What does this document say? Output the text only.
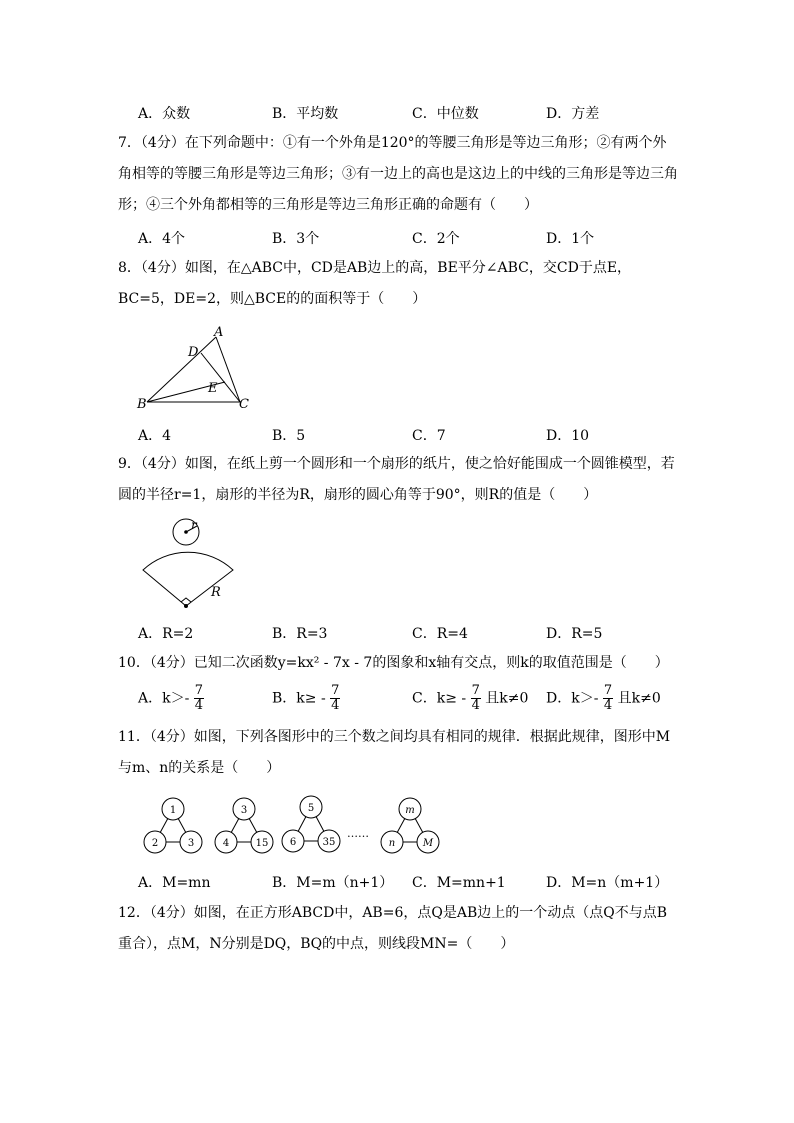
A．众数	B．平均数	C．中位数	D．方差
7．（4分）在下列命题中：①有一个外角是120°的等腰三角形是等边三角形；②有两个外角相等的等腰三角形是等边三角形；③有一边上的高也是这边上的中线的三角形是等边三角形；④三个外角都相等的三角形是等边三角形正确的命题有（　　）
A．4个	B．3个	C．2个	D．1个
8．（4分）如图，在△ABC中，CD是AB边上的高，BE平分∠ABC，交CD于点E，BC=5，DE=2，则△BCE的的面积等于（　　）
A
D
E
B	C
A．4	B．5	C．7	D．10
9．（4分）如图，在纸上剪一个圆形和一个扇形的纸片，使之恰好能围成一个圆锥模型，若圆的半径r=1，扇形的半径为R，扇形的圆心角等于90°，则R的值是（　　）
r
R
A．R=2	B．R=3	C．R=4	D．R=5
10．（4分）已知二次函数y=kx² - 7x - 7的图象和x轴有交点，则k的取值范围是（　　）
A．$k>- \frac{7}{4}$	B．$k\ge - \frac{7}{4}$	C．$k\ge - \frac{7}{4}$ 且k≠0 D．$k>- \frac{7}{4}$ 且k≠0
11．（4分）如图，下列各图形中的三个数之间均具有相同的规律．根据此规律，图形中M与m、n的关系是（　　）
1
2	3
3
4	15
5
6	35
m
n	M
……
A．M=mn	B．M=m（n+1） C．M=mn+1	D．M=n（m+1）
12．（4分）如图，在正方形ABCD中，AB=6，点Q是AB边上的一个动点（点Q不与点B重合），点M，N分别是DQ，BQ的中点，则线段MN=（　　）
